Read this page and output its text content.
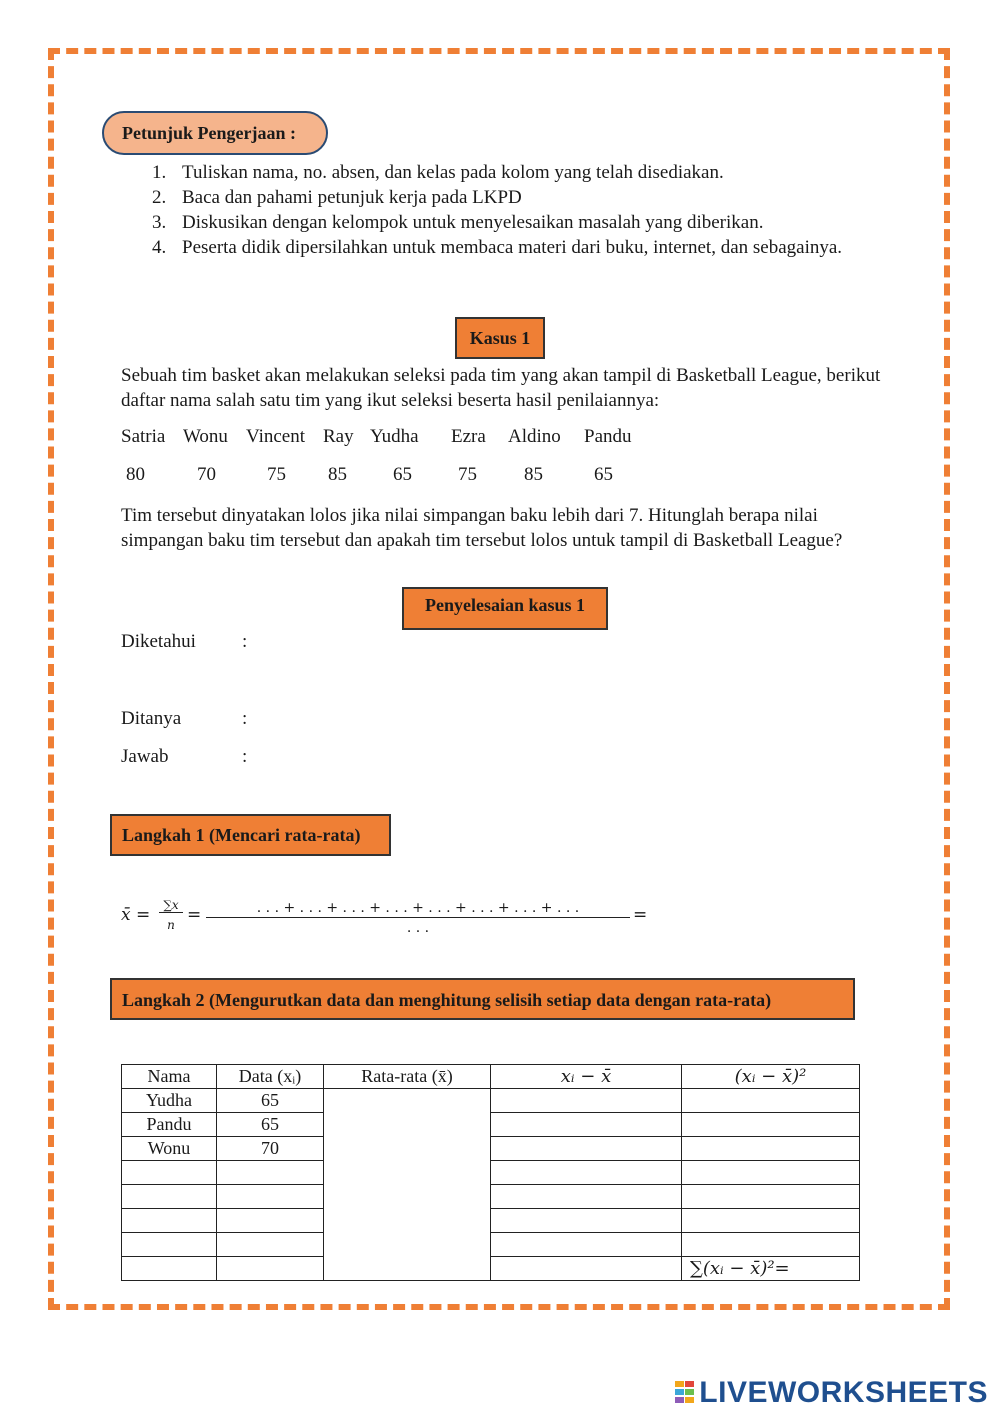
Petunjuk Pengerjaan :
1. Tuliskan nama, no. absen, dan kelas pada kolom yang telah disediakan.
2. Baca dan pahami petunjuk kerja pada LKPD
3. Diskusikan dengan kelompok untuk menyelesaikan masalah yang diberikan.
4. Peserta didik dipersilahkan untuk membaca materi dari buku, internet, dan sebagainya.
Kasus 1
Sebuah tim basket akan melakukan seleksi pada tim yang akan tampil di Basketball League, berikut daftar nama salah satu tim yang ikut seleksi beserta hasil penilaiannya:
Satria Wonu Vincent Ray Yudha Ezra Aldino Pandu
80	70	75 85 65 75 85	65
Tim tersebut dinyatakan lolos jika nilai simpangan baku lebih dari 7. Hitunglah berapa nilai simpangan baku tim tersebut dan apakah tim tersebut lolos untuk tampil di Basketball League?
Penyelesaian kasus 1
Diketahui :
Ditanya	:
Jawab	:
Langkah 1 (Mencari rata-rata)
x̄ =	∑x
n =	. . . + . . . + . . . + . . . + . . . + . . . + . . . + . . .
. . .
=
Langkah 2 (Mengurutkan data dan menghitung selisih setiap data dengan rata-rata)
Nama	Data (xᵢ)	Rata-rata (x̄)	xᵢ − x̄	(xᵢ − x̄)²
Yudha	65			
Pandu	65			
Wonu	70			

				∑(xᵢ − x̄)²=
LIVEWORKSHEETS
